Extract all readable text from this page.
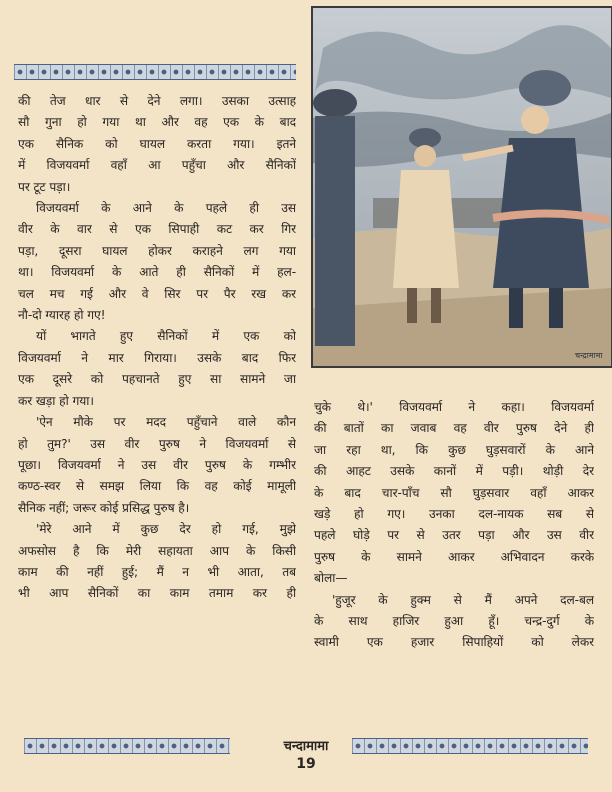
चन्द्रामामा
की तेज धार से देने लगा। उसका उत्साह
सौ गुना हो गया था और वह एक के बाद
एक सैनिक को घायल करता गया। इतने
में विजयवर्मा वहाँ आ पहुँचा और सैनिकों
पर टूट पड़ा।
विजयवर्मा के आने के पहले ही उस
वीर के वार से एक सिपाही कट कर गिर
पड़ा, दूसरा घायल होकर कराहने लग गया
था। विजयवर्मा के आते ही सैनिकों में हल-
चल मच गई और वे सिर पर पैर रख कर
नौ-दो ग्यारह हो गए!
यों भागते हुए सैनिकों में एक को
विजयवर्मा ने मार गिराया। उसके बाद फिर
एक दूसरे को पहचानते हुए सा सामने जा
कर खड़ा हो गया।
'ऐन मौके पर मदद पहुँचाने वाले कौन
हो तुम?' उस वीर पुरुष ने विजयवर्मा से
पूछा। विजयवर्मा ने उस वीर पुरुष के गम्भीर
कण्ठ-स्वर से समझ लिया कि वह कोई मामूली
सैनिक नहीं; जरूर कोई प्रसिद्ध पुरुष है।
'मेरे आने में कुछ देर हो गई, मुझे
अफसोस है कि मेरी सहायता आप के किसी
काम की नहीं हुई; मैं न भी आता, तब
भी आप सैनिकों का काम तमाम कर ही
चुके थे।' विजयवर्मा ने कहा। विजयवर्मा
की बातों का जवाब वह वीर पुरुष देने ही
जा रहा था, कि कुछ घुड़सवारों के आने
की आहट उसके कानों में पड़ी। थोड़ी देर
के बाद चार-पाँच सौ घुड़सवार वहाँ आकर
खड़े हो गए। उनका दल-नायक सब से
पहले घोड़े पर से उतर पड़ा और उस वीर
पुरुष के सामने आकर अभिवादन करके
बोला—
'हुजूर के हुक्म से मैं अपने दल-बल
के साथ हाजिर हुआ हूँ। चन्द्र-दुर्ग के
स्वामी एक हजार सिपाहियों को लेकर
चन्दामामा
19
